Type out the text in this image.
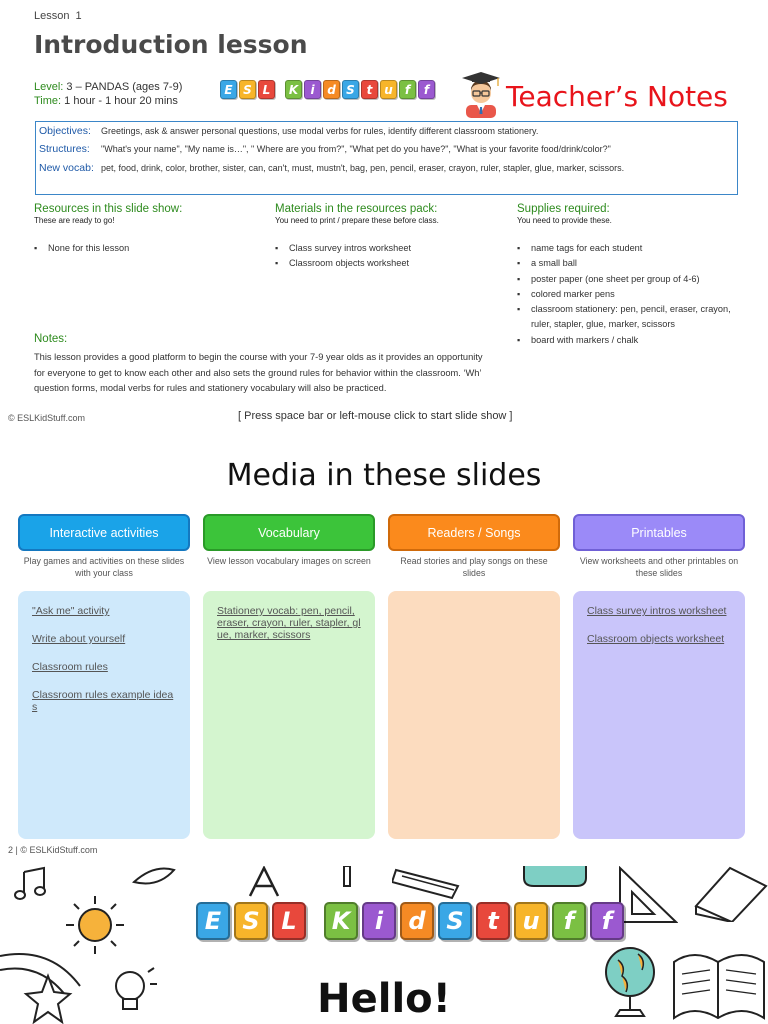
Lesson 1
Introduction lesson
Level: 3 – PANDAS (ages 7-9)
Time: 1 hour - 1 hour 20 mins
E S L	K	i	d S t u	f	f	Teacher’s Notes
Objectives:	Greetings, ask & answer personal questions, use modal verbs for rules, identify different classroom stationery.
Structures:	"What's your name", "My name is…", " Where are you from?", "What pet do you have?", "What is your favorite food/drink/color?"
New vocab: pet, food, drink, color, brother, sister, can, can't, must, mustn't, bag, pen, pencil, eraser, crayon, ruler, stapler, glue, marker, scissors.
Resources in this slide show:
These are ready to go!
▪ None for this lesson
Materials in the resources pack:
You need to print / prepare these before class.
▪ Class survey intros worksheet
▪ Classroom objects worksheet
Supplies required:
You need to provide these.
▪ name tags for each student
▪ a small ball
▪ poster paper (one sheet per group of 4-6)
▪ colored marker pens
▪ classroom stationery: pen, pencil, eraser, crayon, ruler, stapler, glue, marker, scissors
▪ board with markers / chalk
Notes:
This lesson provides a good platform to begin the course with your 7-9 year olds as it provides an opportunity for everyone to get to know each other and also sets the ground rules for behavior within the classroom. ‘Wh’ question forms, modal verbs for rules and stationery vocabulary will also be practiced.
© ESLKidStuff.com	[ Press space bar or left-mouse click to start slide show ]
Media in these slides
Interactive activities
Play games and activities on these slides with your class
"Ask me" activity
Write about yourself
Classroom rules
Classroom rules example ideas
Vocabulary
View lesson vocabulary images on screen
Stationery vocab: pen, pencil, eraser, crayon, ruler, stapler, glue, marker, scissors
Readers / Songs
Read stories and play songs on these slides
Printables
View worksheets and other printables on these slides
Class survey intros worksheet
Classroom objects worksheet
2 | © ESLKidStuff.com
E S L	K	i	d S t u	f	f
Hello!
